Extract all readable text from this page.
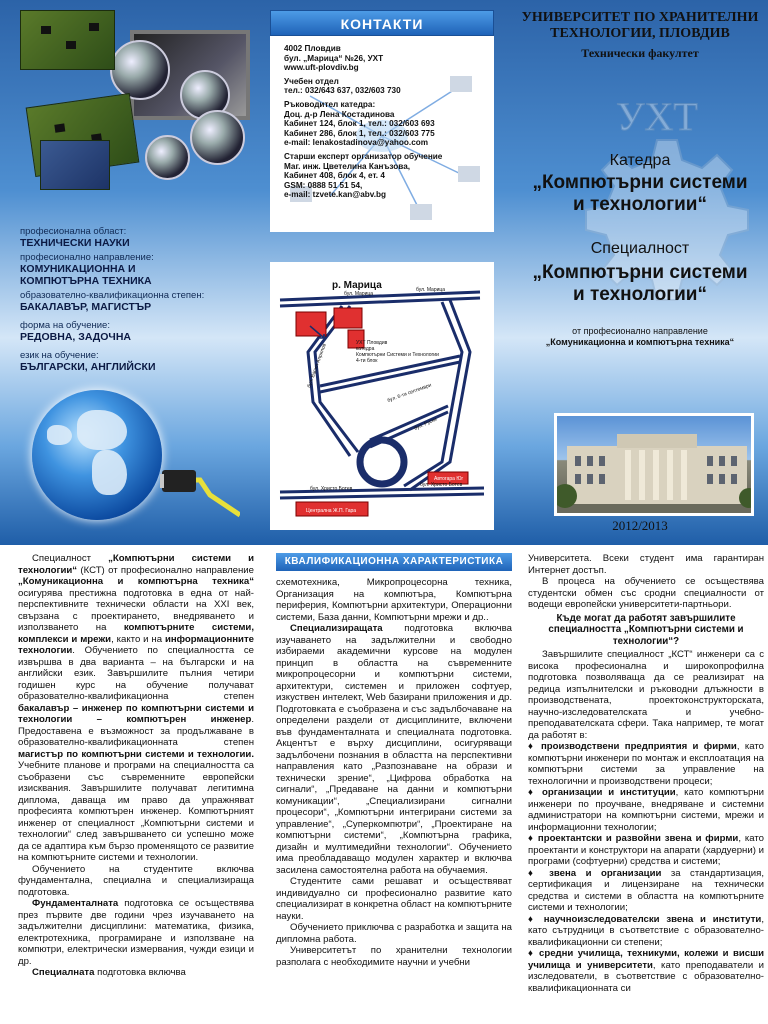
професионална област:
ТЕХНИЧЕСКИ НАУКИ
професионално направление:
КОМУНИКАЦИОННА И КОМПЮТЪРНА ТЕХНИКА
образователно-квалификационна степен:
БАКАЛАВЪР, МАГИСТЪР
форма на обучение:
РЕДОВНА, ЗАДОЧНА
език на обучение:
БЪЛГАРСКИ, АНГЛИЙСКИ
КОНТАКТИ

4002 Пловдив
бул. „Марица“ №26, УХТ
www.uft-plovdiv.bg

Учебен отдел
тел.: 032/643 637, 032/603 730

Ръководител катедра:
Доц. д-р Лена Костадинова
Кабинет 124, блок 1, тел.: 032/603 693
Кабинет 286, блок 1, тел.: 032/603 775
e-mail: lenakostadinova@yahoo.com

Старши експерт организатор обучение
Маг. инж. Цветелина Канъзова,
Кабинет 408, блок 4, ет. 4
GSM: 0888 51 51 54,
e-mail: tzvete.kan@abv.bg

р. Марица
бул. Марица
бул. Марица
бул. Христо Ботев
бул. Христо Ботев
бул. 6-ти септември
бул. Руски
бул. Васил Априлов	УХТ Пловдив
катедра
Компютърни Системи и Технологии
4-ти блок
Автогара Юг
Централна Ж.П. Гара
УНИВЕРСИТЕТ ПО ХРАНИТЕЛНИ
ТЕХНОЛОГИИ, ПЛОВДИВ
Технически факултет
УХТ
Катедра
„Компютърни системи
и технологии“
Специалност
„Компютърни системи
и технологии“
от професионално направление
„Комуникационна и компютърна техника“
2012/2013

Специалност „Компютърни системи и технологии“ (КСТ) от професионално направление „Комуникационна и компютърна техника“ осигурява престижна подготовка в една от най-перспективните технически области на XXI век, свързана с проектирането, внедряването и използването на компютърните системи, комплекси и мрежи, както и на информационните технологии. Обучението по специалността се извършва в два варианта – на български и на английски език. Завършилите пълния четири годишен курс на обучение получават образователно-квалификационна степен бакалавър – инженер по компютърни системи и технологии – компютърен инженер. Предоставена е възможност за продължаване в образователно-квалификационната степен магистър по компютърни системи и технологии. Учебните планове и програми на специалността са съобразени със съвременните европейски изисквания. Завършилите получават легитимна диплома, даваща им право да упражняват професията компютърен инженер. Компютърният инженер от специалност „Компютърни системи и технологии“ след завършването си успешно може да се адаптира към бързо променящото се развитие на компютърните системи и технологии.

Обучението на студентите включва фундаментална, специална и специализираща подготовка.

Фундаменталната подготовка се осъществява през първите две години чрез изучаването на задължителни дисциплини: математика, физика, електротехника, програмиране и използване на компютри, електрически измервания, чужди езици и др.

Специалната подготовка включва

КВАЛИФИКАЦИОННА ХАРАКТЕРИСТИКА

схемотехника, Микропроцесорна техника, Организация на компютъра, Компютърна периферия, Компютърни архитектури, Операционни системи, База данни, Компютърни мрежи и др..

Специализиращата подготовка включва изучаването на задължителни и свободно избираеми академични курсове на модулен принцип в областта на съвременните микропроцесорни и компютърни системи, архитектури, системен и приложен софтуер, изкуствен интелект, Web базирани приложения и др. Подготовката е съобразена и със задълбочаване на определени раздели от дисциплините, включени във фундаменталната и специалната подготовка. Акцентът е върху дисциплини, осигуряващи задълбочени познания в областта на перспективни направления като „Разпознаване на образи и технически зрение“, „Цифрова обработка на сигнали“, „Предаване на данни и компютърни комуникации“, „Специализирани сигнални процесори“, „Компютърни интегрирани системи за управление“, „Суперкомпютри“, „Проектиране на компютърни системи“, „Компютърна графика, дизайн и мултимедийни технологии“. Обучението има преобладаващо модулен характер и включва засилена самостоятелна работа на обучаемия.

Студентите сами решават и осъществяват индивидуално си професионално развитие като специализират в конкретна област на компютърните науки.

Обучението приключва с разработка и защита на дипломна работа.

Университетът по хранителни технологии разполага с необходимите научни и учебни

Университета. Всеки студент има гарантиран Интернет достъп.

В процеса на обучението се осъществява студентски обмен със сродни специалности от водещи европейски университети-партньори.

Къде могат да работят завършилите специалността „Компютърни системи и технологии“?

Завършилите специалност „КСТ“ инженери са с висока професионална и широкопрофилна подготовка позволяваща да се реализират на редица изпълнителски и ръководни длъжности в производствената, проектоконструкторската, научно-изследователската и учебно-преподавателската сфери. Така например, те могат да работят в:

♦ производствени предприятия и фирми, като компютърни инженери по монтаж и експлоатация на компютърни системи за управление на технологични и производствени процеси;
♦ организации и институции, като компютърни инженери по проучване, внедряване и системни администратори на компютърни системи, мрежи и информационни технологии;
♦ проектантски и развойни звена и фирми, като проектанти и конструктори на апарати (хардуерни) и програми (софтуерни) средства и системи;
♦ звена и организации за стандартизация, сертификация и лицензиране на технически средства и системи в областта на компютърните системи и технологии;
♦ научноизследователски звена и институти, като сътрудници в съответствие с образователно-квалификационни си степени;
♦ средни училища, техникуми, колежи и висши училища и университети, като преподаватели и изследователи, в съответствие с образователно-квалификационната си
